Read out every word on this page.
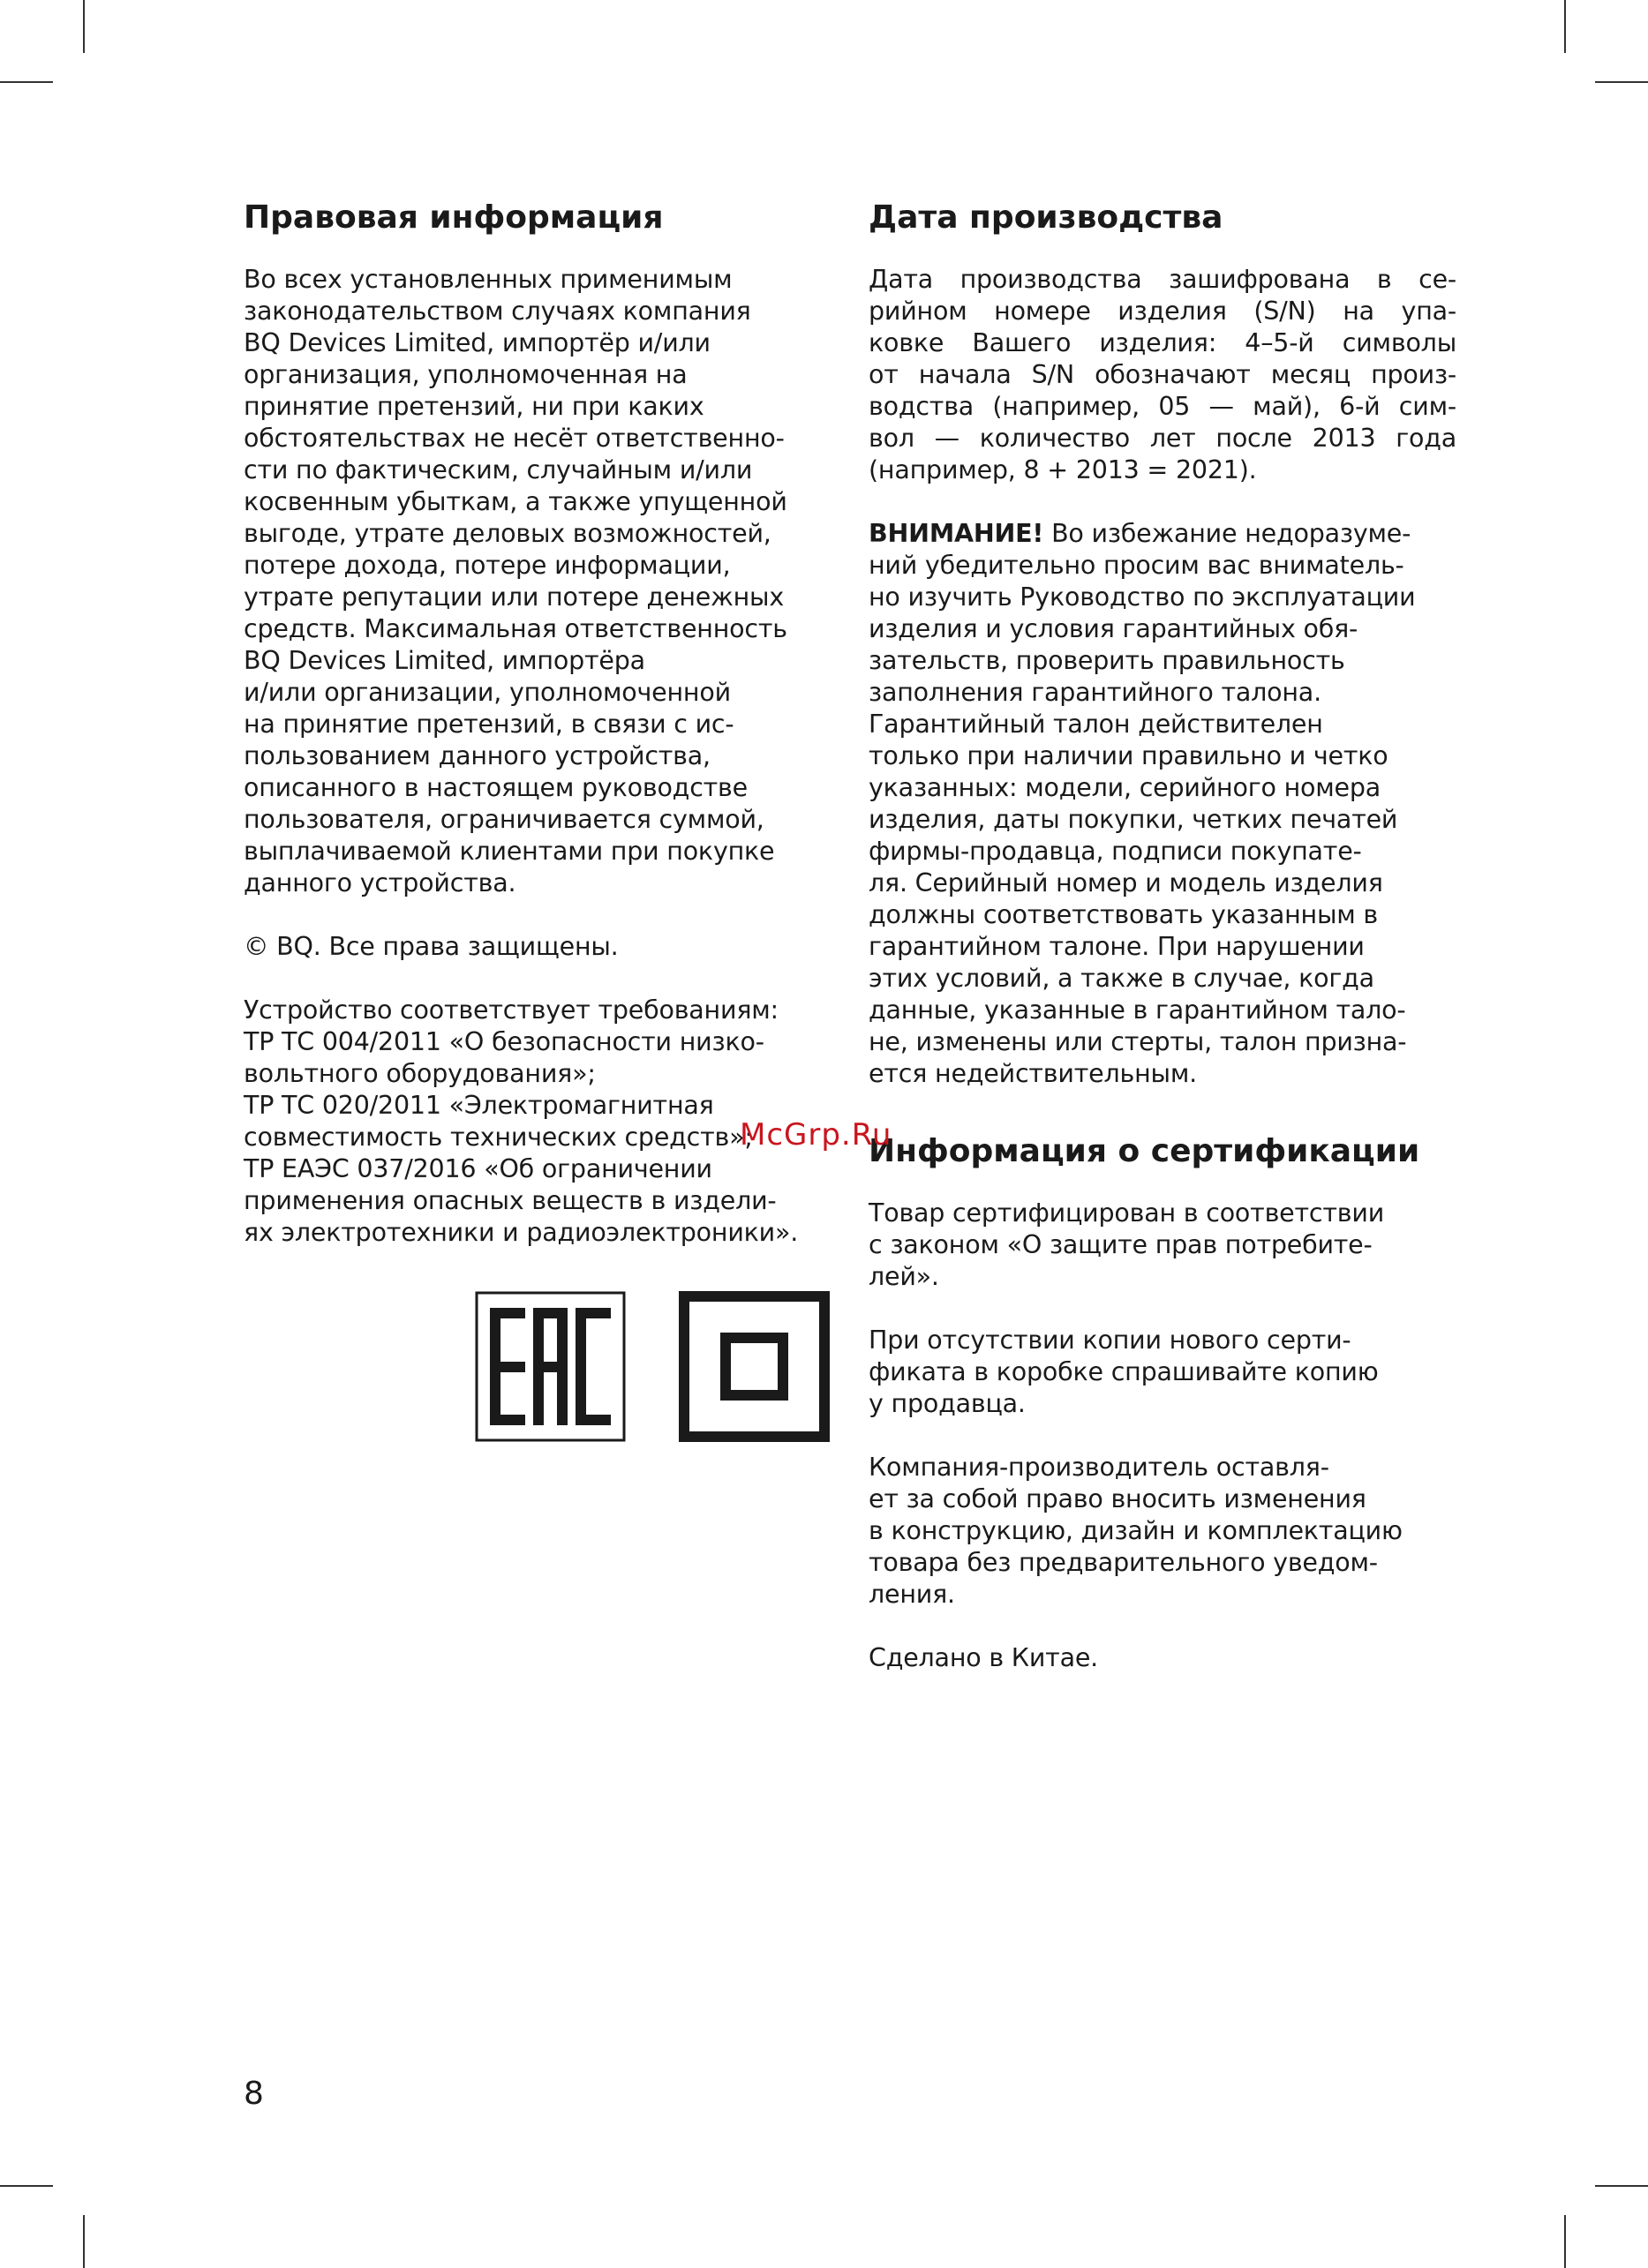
Правовая информация
Во всех установленных применимым
законодательством случаях компания
BQ Devices Limited, импортёр и/или
организация, уполномоченная на
принятие претензий, ни при каких
обстоятельствах не несёт ответственно-
сти по фактическим, случайным и/или
косвенным убыткам, а также упущенной
выгоде, утрате деловых возможностей,
потере дохода, потере информации,
утрате репутации или потере денежных
средств. Максимальная ответственность
BQ Devices Limited, импортёра
и/или организации, уполномоченной
на принятие претензий, в связи с ис-
пользованием данного устройства,
описанного в настоящем руководстве
пользователя, ограничивается суммой,
выплачиваемой клиентами при покупке
данного устройства.
© BQ. Все права защищены.
Устройство соответствует требованиям:
ТР ТС 004/2011 «О безопасности низко-
вольтного оборудования»;
ТР ТС 020/2011 «Электромагнитная
совместимость технических средств»;
ТР ЕАЭС 037/2016 «Об ограничении
применения опасных веществ в издели-
ях электротехники и радиоэлектроники».
Дата производства
Дата производства зашифрована в се-
рийном номере изделия (S/N) на упа-
ковке Вашего изделия: 4–5-й символы
от начала S/N обозначают месяц произ-
водства (например, 05 — май), 6-й сим-
вол — количество лет после 2013 года
(например, 8 + 2013 = 2021).
ВНИМАНИЕ! Во избежание недоразуме-
ний убедительно просим вас внимatель-
но изучить Руководство по эксплуатации
изделия и условия гарантийных обя-
зательств, проверить правильность
заполнения гарантийного талона.
Гарантийный талон действителен
только при наличии правильно и четко
указанных: модели, серийного номера
изделия, даты покупки, четких печатей
фирмы-продавца, подписи покупате-
ля. Серийный номер и модель изделия
должны соответствовать указанным в
гарантийном талоне. При нарушении
этих условий, а также в случае, когда
данные, указанные в гарантийном тало-
не, изменены или стерты, талон призна-
ется недействительным.
Информация о сертификации
Товар сертифицирован в соответствии
с законом «О защите прав потребите-
лей».
При отсутствии копии нового серти-
фиката в коробке спрашивайте копию
у продавца.
Компания-производитель оставля-
ет за собой право вносить изменения
в конструкцию, дизайн и комплектацию
товара без предварительного уведом-
ления.
Сделано в Китае.
McGrp.Ru
8
